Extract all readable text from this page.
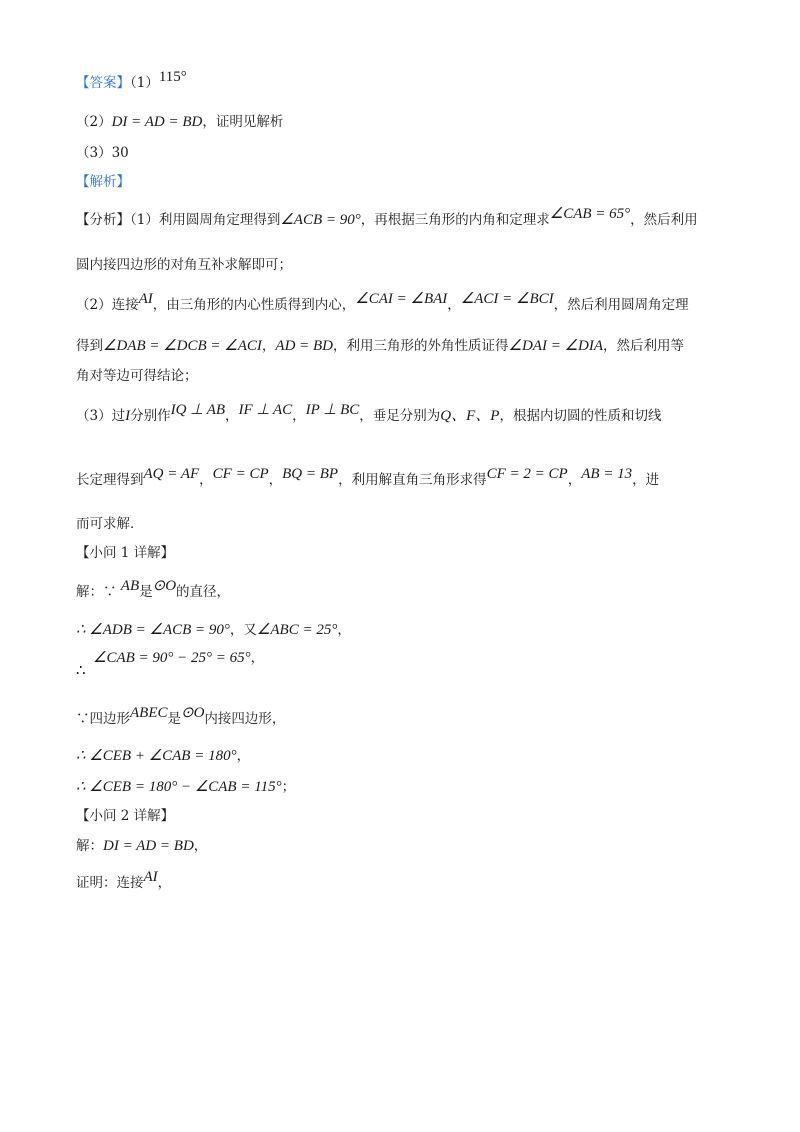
【答案】（1）115°
（2）DI = AD = BD，证明见解析
（3）30
【解析】
【分析】（1）利用圆周角定理得到∠ACB = 90°，再根据三角形的内角和定理求∠CAB = 65°，然后利用
圆内接四边形的对角互补求解即可；
（2）连接AI，由三角形的内心性质得到内心，∠CAI = ∠BAI，∠ACI = ∠BCI，然后利用圆周角定理
得到∠DAB = ∠DCB = ∠ACI，AD = BD，利用三角形的外角性质证得∠DAI = ∠DIA，然后利用等
角对等边可得结论；
（3）过I分别作IQ ⊥ AB，IF ⊥ AC，IP ⊥ BC，垂足分别为Q、F、P，根据内切圆的性质和切线
长定理得到AQ = AF，CF = CP，BQ = BP，利用解直角三角形求得CF = 2 = CP，AB = 13，进
而可求解．
【小问 1 详解】
解：∵ AB是⊙O的直径，
∴ ∠ADB = ∠ACB = 90°，又∠ABC = 25°，
∠CAB = 90° − 25° = 65°，
∴
∵四边形ABEC是⊙O内接四边形，
∴ ∠CEB + ∠CAB = 180°，
∴ ∠CEB = 180° − ∠CAB = 115°；
【小问 2 详解】
解：DI = AD = BD，
证明：连接AI，
